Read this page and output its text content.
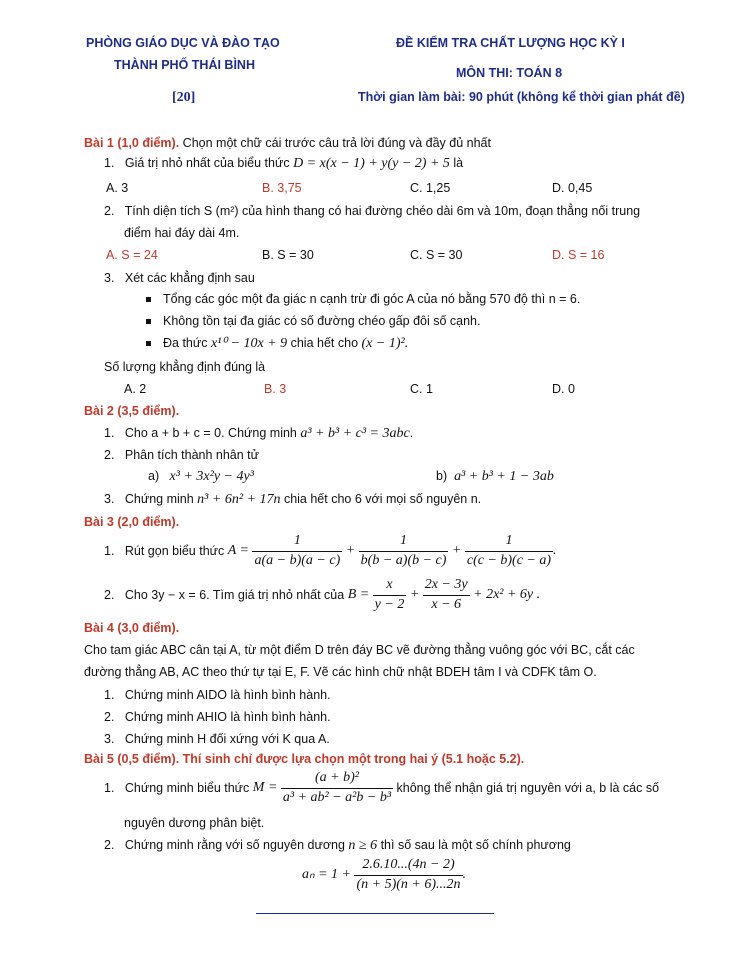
PHÒNG GIÁO DỤC VÀ ĐÀO TẠO
THÀNH PHỐ THÁI BÌNH
[20]
ĐỀ KIỂM TRA CHẤT LƯỢNG HỌC KỲ I
MÔN THI: TOÁN 8
Thời gian làm bài: 90 phút (không kể thời gian phát đề)
Bài 1 (1,0 điểm). Chọn một chữ cái trước câu trả lời đúng và đầy đủ nhất
1. Giá trị nhỏ nhất của biểu thức D = x(x − 1) + y(y − 2) + 5 là
A. 3	B. 3,75	C. 1,25	D. 0,45
2. Tính diện tích S (m²) của hình thang có hai đường chéo dài 6m và 10m, đoạn thẳng nối trung
điểm hai đáy dài 4m.
A. S = 24	B. S = 30	C. S = 30	D. S = 16
3. Xét các khẳng định sau
Tổng các góc một đa giác n cạnh trừ đi góc A của nó bằng 570 độ thì n = 6.
Không tồn tại đa giác có số đường chéo gấp đôi số cạnh.
Đa thức x¹⁰ − 10x + 9 chia hết cho (x − 1)².
Số lượng khẳng định đúng là
A. 2	B. 3	C. 1	D. 0
Bài 2 (3,5 điểm).
1. Cho a + b + c = 0. Chứng minh a³ + b³ + c³ = 3abc.
2. Phân tích thành nhân tử
a) x³ + 3x²y − 4y³	b) a³ + b³ + 1 − 3ab
3. Chứng minh n³ + 6n² + 17n chia hết cho 6 với mọi số nguyên n.
Bài 3 (2,0 điểm).
1. Rút gọn biểu thức $A = \frac{1}{a(a - b)(a - c)} + \frac{1}{b(b - a)(b - c)} + \frac{1}{c(c - b)(c - a)}$ .
2. Cho 3y − x = 6. Tìm giá trị nhỏ nhất của $B = \frac{x}{y - 2} + \frac{2x - 3y}{x - 6} + 2x^2 + 6y$ .
Bài 4 (3,0 điểm).
Cho tam giác ABC cân tại A, từ một điểm D trên đáy BC vẽ đường thẳng vuông góc với BC, cắt các
đường thẳng AB, AC theo thứ tự tại E, F. Vẽ các hình chữ nhật BDEH tâm I và CDFK tâm O.
1. Chứng minh AIDO là hình bình hành.
2. Chứng minh AHIO là hình bình hành.
3. Chứng minh H đối xứng với K qua A.
Bài 5 (0,5 điểm). Thí sinh chỉ được lựa chọn một trong hai ý (5.1 hoặc 5.2).
1. Chứng minh biểu thức $M = \frac{\text{(a + b)²}}{\text{a³ + ab² − a²b − b³}}$ không thể nhận giá trị nguyên với a, b là các số
nguyên dương phân biệt.
2. Chứng minh rằng với số nguyên dương n ≥ 6 thì số sau là một số chính phương
$a_n = 1 + \frac{2.6.10...(4n - 2)}{(n + 5)(n + 6)...2n}$ .
